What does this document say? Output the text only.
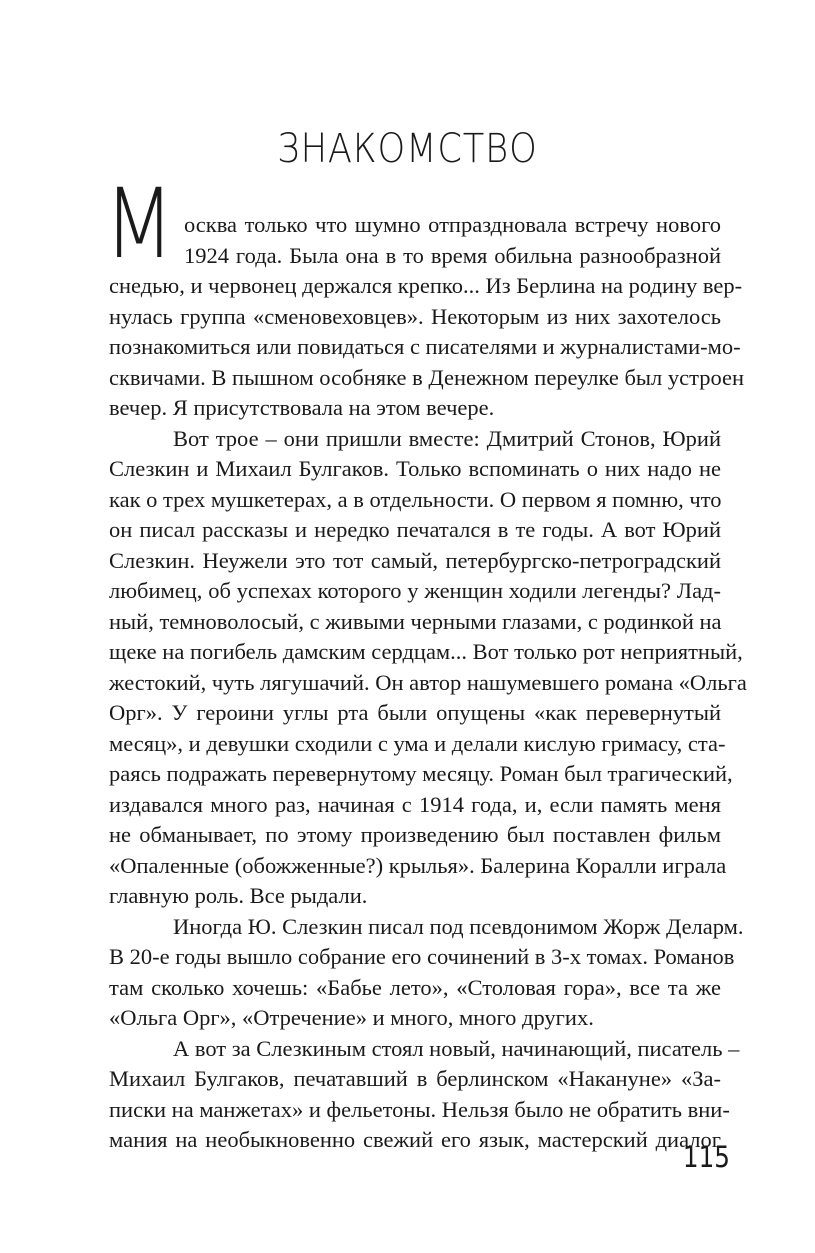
ЗНАКОМСТВО
М осква только что шумно отпраздновала встречу нового
1924 года. Была она в то время обильна разнообразной
снедью, и червонец держался крепко... Из Берлина на родину вер-
нулась группа «сменовеховцев». Некоторым из них захотелось
познакомиться или повидаться с писателями и журналистами-мо-
сквичами. В пышном особняке в Денежном переулке был устроен
вечер. Я присутствовала на этом вечере.
Вот трое – они пришли вместе: Дмитрий Стонов, Юрий
Слезкин и Михаил Булгаков. Только вспоминать о них надо не
как о трех мушкетерах, а в отдельности. О первом я помню, что
он писал рассказы и нередко печатался в те годы. А вот Юрий
Слезкин. Неужели это тот самый, петербургско-петроградский
любимец, об успехах которого у женщин ходили легенды? Лад-
ный, темноволосый, с живыми черными глазами, с родинкой на
щеке на погибель дамским сердцам... Вот только рот неприятный,
жестокий, чуть лягушачий. Он автор нашумевшего романа «Ольга
Орг». У героини углы рта были опущены «как перевернутый
месяц», и девушки сходили с ума и делали кислую гримасу, ста-
раясь подражать перевернутому месяцу. Роман был трагический,
издавался много раз, начиная с 1914 года, и, если память меня
не обманывает, по этому произведению был поставлен фильм
«Опаленные (обожженные?) крылья». Балерина Коралли играла
главную роль. Все рыдали.
Иногда Ю. Слезкин писал под псевдонимом Жорж Деларм.
В 20-е годы вышло собрание его сочинений в 3-х томах. Романов
там сколько хочешь: «Бабье лето», «Столовая гора», все та же
«Ольга Орг», «Отречение» и много, много других.
А вот за Слезкиным стоял новый, начинающий, писатель –
Михаил Булгаков, печатавший в берлинском «Накануне» «За-
писки на манжетах» и фельетоны. Нельзя было не обратить вни-
мания на необыкновенно свежий его язык, мастерский диалог
115
